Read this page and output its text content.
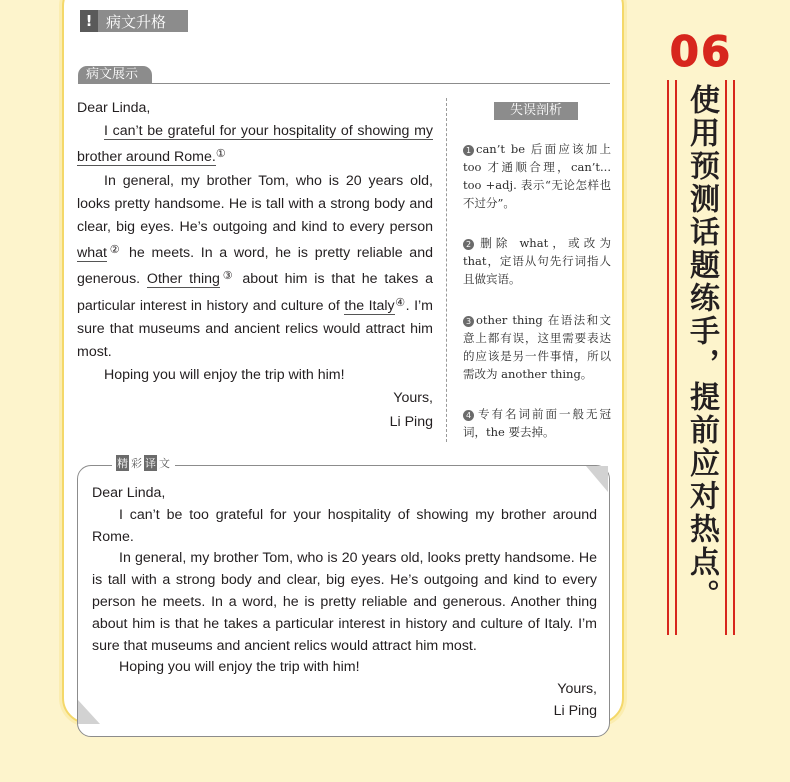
! 病文升格
病文展示

Dear Linda,

I can’t be grateful for your hospitality of showing my brother around Rome.①

In general, my brother Tom, who is 20 years old, looks pretty handsome. He is tall with a strong body and clear, big eyes. He’s outgoing and kind to every person what② he meets. In a word, he is pretty reliable and generous. Other thing③ about him is that he takes a particular interest in history and culture of the Italy④. I’m sure that museums and ancient relics would attract him most.

Hoping you will enjoy the trip with him!

Yours,

Li Ping

失误剖析
1 can’t be 后面应该加上 too 才通顺合理，can’t... too +adj. 表示“无论怎样也不过分”。
2 删除 what，或改为 that，定语从句先行词指人且做宾语。
3 other thing 在语法和文意上都有误，这里需要表达的应该是另一件事情，所以需改为 another thing。
4 专有名词前面一般无冠词，the 要去掉。
精 彩 译 文

Dear Linda,

I can’t be too grateful for your hospitality of showing my brother around Rome.

In general, my brother Tom, who is 20 years old, looks pretty handsome. He is tall with a strong body and clear, big eyes. He’s outgoing and kind to every person he meets. In a word, he is pretty reliable and generous. Another thing about him is that he takes a particular interest in history and culture of Italy. I’m sure that museums and ancient relics would attract him most.

Hoping you will enjoy the trip with him!

Yours,

Li Ping

06
使用预测话题练手，提前应对热点。
